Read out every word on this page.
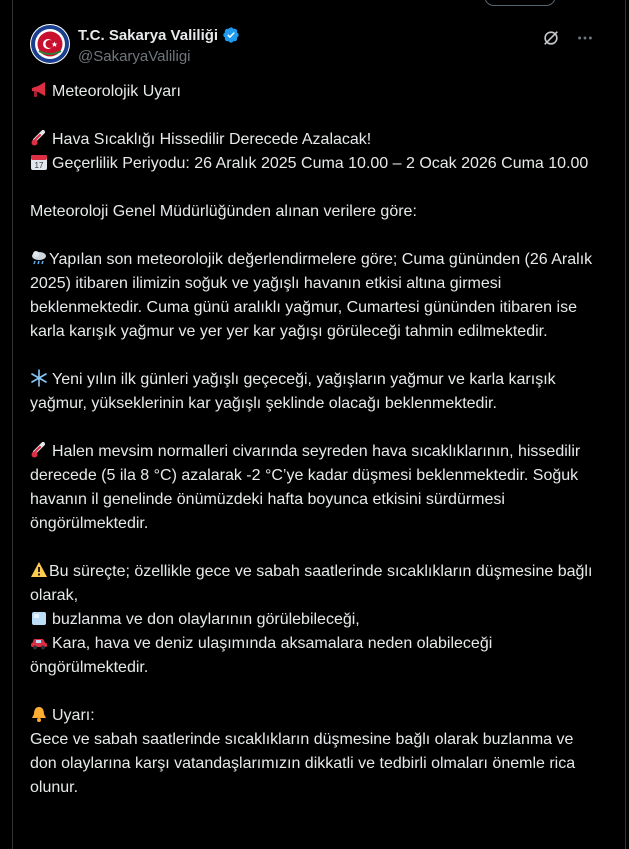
T.C. Sakarya Valiliği
@SakaryaValiligi

Meteorolojik Uyarı

Hava Sıcaklığı Hissedilir Derecede Azalacak!

17 Geçerlilik Periyodu: 26 Aralık 2025 Cuma 10.00 – 2 Ocak 2026 Cuma 10.00

Meteoroloji Genel Müdürlüğünden alınan verilere göre:

Yapılan son meteorolojik değerlendirmelere göre; Cuma gününden (26 Aralık 2025) itibaren ilimizin soğuk ve yağışlı havanın etkisi altına girmesi beklenmektedir. Cuma günü aralıklı yağmur, Cumartesi gününden itibaren ise karla karışık yağmur ve yer yer kar yağışı görüleceği tahmin edilmektedir.

Yeni yılın ilk günleri yağışlı geçeceği, yağışların yağmur ve karla karışık yağmur, yükseklerinin kar yağışlı şeklinde olacağı beklenmektedir.

Halen mevsim normalleri civarında seyreden hava sıcaklıklarının, hissedilir derecede (5 ila 8 °C) azalarak -2 °C’ye kadar düşmesi beklenmektedir. Soğuk havanın il genelinde önümüzdeki hafta boyunca etkisini sürdürmesi öngörülmektedir.

Bu süreçte; özellikle gece ve sabah saatlerinde sıcaklıkların düşmesine bağlı olarak,
buzlanma ve don olaylarının görülebileceği,
Kara, hava ve deniz ulaşımında aksamalara neden olabileceği öngörülmektedir.

Uyarı:
Gece ve sabah saatlerinde sıcaklıkların düşmesine bağlı olarak buzlanma ve don olaylarına karşı vatandaşlarımızın dikkatli ve tedbirli olmaları önemle rica olunur.
